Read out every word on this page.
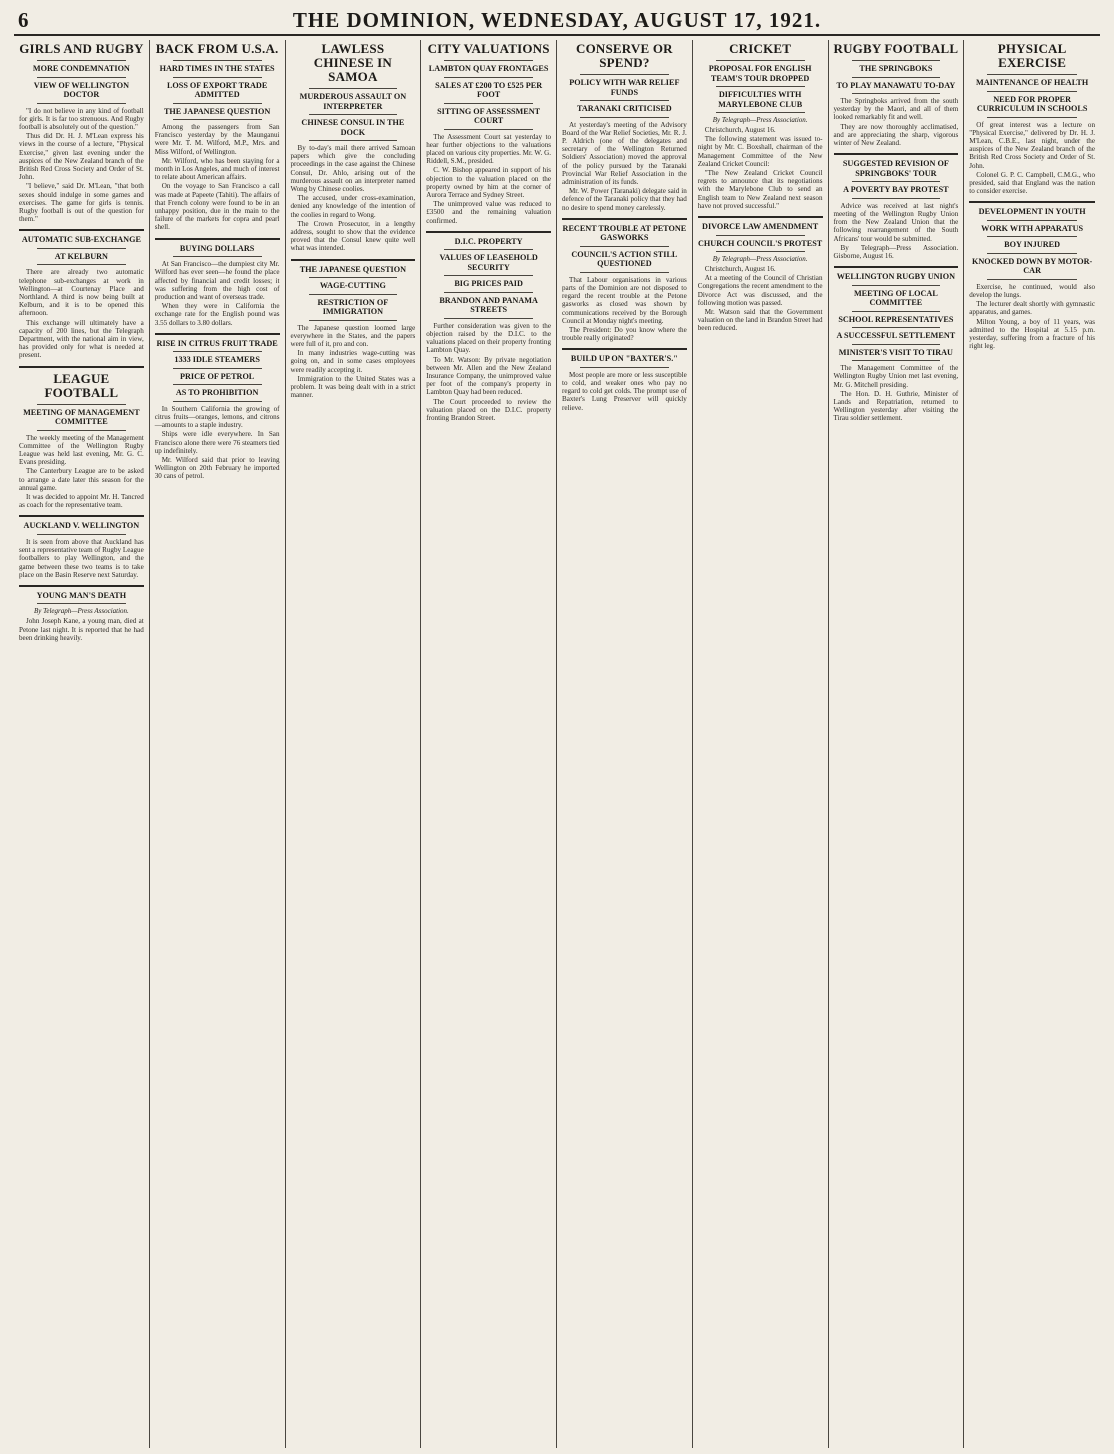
6	THE DOMINION, WEDNESDAY, AUGUST 17, 1921.
GIRLS AND RUGBY
MORE CONDEMNATION
VIEW OF WELLINGTON DOCTOR

"I do not believe in any kind of football for girls. It is far too strenuous. And Rugby football is absolutely out of the question."

Thus did Dr. H. J. M'Lean express his views in the course of a lecture, "Physical Exercise," given last evening under the auspices of the New Zealand branch of the British Red Cross Society and Order of St. John.

"I believe," said Dr. M'Lean, "that both sexes should indulge in some games and exercises. The game for girls is tennis. Rugby football is out of the question for them."

AUTOMATIC SUB-EXCHANGE
AT KELBURN

There are already two automatic telephone sub-exchanges at work in Wellington—at Courtenay Place and Northland. A third is now being built at Kelburn, and it is to be opened this afternoon.

This exchange will ultimately have a capacity of 200 lines, but the Telegraph Department, with the national aim in view, has provided only for what is needed at present.

LEAGUE FOOTBALL
MEETING OF MANAGEMENT COMMITTEE

The weekly meeting of the Management Committee of the Wellington Rugby League was held last evening, Mr. G. C. Evans presiding.

The Canterbury League are to be asked to arrange a date later this season for the annual game.

It was decided to appoint Mr. H. Tancred as coach for the representative team.

AUCKLAND V. WELLINGTON

It is seen from above that Auckland has sent a representative team of Rugby League footballers to play Wellington, and the game between these two teams is to take place on the Basin Reserve next Saturday.

YOUNG MAN'S DEATH
By Telegraph—Press Association.

John Joseph Kane, a young man, died at Petone last night. It is reported that he had been drinking heavily.

BACK FROM U.S.A.
HARD TIMES IN THE STATES
LOSS OF EXPORT TRADE ADMITTED
THE JAPANESE QUESTION

Among the passengers from San Francisco yesterday by the Maunganui were Mr. T. M. Wilford, M.P., Mrs. and Miss Wilford, of Wellington.

Mr. Wilford, who has been staying for a month in Los Angeles, and much of interest to relate about American affairs.

On the voyage to San Francisco a call was made at Papeete (Tahiti). The affairs of that French colony were found to be in an unhappy position, due in the main to the failure of the markets for copra and pearl shell.

BUYING DOLLARS

At San Francisco—the dumpiest city Mr. Wilford has ever seen—he found the place affected by financial and credit losses; it was suffering from the high cost of production and want of overseas trade.

When they were in California the exchange rate for the English pound was 3.55 dollars to 3.80 dollars.

RISE IN CITRUS FRUIT TRADE
1333 IDLE STEAMERS
PRICE OF PETROL
AS TO PROHIBITION

In Southern California the growing of citrus fruits—oranges, lemons, and citrons—amounts to a staple industry.

Ships were idle everywhere. In San Francisco alone there were 76 steamers tied up indefinitely.

Mr. Wilford said that prior to leaving Wellington on 20th February he imported 30 cans of petrol.

LAWLESS CHINESE IN SAMOA
MURDEROUS ASSAULT ON INTERPRETER
CHINESE CONSUL IN THE DOCK

By to-day's mail there arrived Samoan papers which give the concluding proceedings in the case against the Chinese Consul, Dr. Ahlo, arising out of the murderous assault on an interpreter named Wong by Chinese coolies.

The accused, under cross-examination, denied any knowledge of the intention of the coolies in regard to Wong.

The Crown Prosecutor, in a lengthy address, sought to show that the evidence proved that the Consul knew quite well what was intended.

THE JAPANESE QUESTION
WAGE-CUTTING
RESTRICTION OF IMMIGRATION

The Japanese question loomed large everywhere in the States, and the papers were full of it, pro and con.

In many industries wage-cutting was going on, and in some cases employees were readily accepting it.

Immigration to the United States was a problem. It was being dealt with in a strict manner.

CITY VALUATIONS
LAMBTON QUAY FRONTAGES
SALES AT £200 TO £525 PER FOOT
SITTING OF ASSESSMENT COURT

The Assessment Court sat yesterday to hear further objections to the valuations placed on various city properties. Mr. W. G. Riddell, S.M., presided.

C. W. Bishop appeared in support of his objection to the valuation placed on the property owned by him at the corner of Aurora Terrace and Sydney Street.

The unimproved value was reduced to £3500 and the remaining valuation confirmed.

D.I.C. PROPERTY
VALUES OF LEASEHOLD SECURITY
BIG PRICES PAID
BRANDON AND PANAMA STREETS

Further consideration was given to the objection raised by the D.I.C. to the valuations placed on their property fronting Lambton Quay.

To Mr. Watson: By private negotiation between Mr. Allen and the New Zealand Insurance Company, the unimproved value per foot of the company's property in Lambton Quay had been reduced.

The Court proceeded to review the valuation placed on the D.I.C. property fronting Brandon Street.

CONSERVE OR SPEND?
POLICY WITH WAR RELIEF FUNDS
TARANAKI CRITICISED

At yesterday's meeting of the Advisory Board of the War Relief Societies, Mr. R. J. P. Aldrich (one of the delegates and secretary of the Wellington Returned Soldiers' Association) moved the approval of the policy pursued by the Taranaki Provincial War Relief Association in the administration of its funds.

Mr. W. Power (Taranaki) delegate said in defence of the Taranaki policy that they had no desire to spend money carelessly.

RECENT TROUBLE AT PETONE GASWORKS
COUNCIL'S ACTION STILL QUESTIONED

That Labour organisations in various parts of the Dominion are not disposed to regard the recent trouble at the Petone gasworks as closed was shown by communications received by the Borough Council at Monday night's meeting.

The President: Do you know where the trouble really originated?

BUILD UP ON "BAXTER'S."

Most people are more or less susceptible to cold, and weaker ones who pay no regard to cold get colds. The prompt use of Baxter's Lung Preserver will quickly relieve.

CRICKET
PROPOSAL FOR ENGLISH TEAM'S TOUR DROPPED
DIFFICULTIES WITH MARYLEBONE CLUB
By Telegraph—Press Association.

Christchurch, August 16.

The following statement was issued to-night by Mr. C. Boxshall, chairman of the Management Committee of the New Zealand Cricket Council:

"The New Zealand Cricket Council regrets to announce that its negotiations with the Marylebone Club to send an English team to New Zealand next season have not proved successful."

DIVORCE LAW AMENDMENT
CHURCH COUNCIL'S PROTEST
By Telegraph—Press Association.

Christchurch, August 16.

At a meeting of the Council of Christian Congregations the recent amendment to the Divorce Act was discussed, and the following motion was passed.

Mr. Watson said that the Government valuation on the land in Brandon Street had been reduced.

RUGBY FOOTBALL
THE SPRINGBOKS
TO PLAY MANAWATU TO-DAY

The Springboks arrived from the south yesterday by the Maori, and all of them looked remarkably fit and well.

They are now thoroughly acclimatised, and are appreciating the sharp, vigorous winter of New Zealand.

SUGGESTED REVISION OF SPRINGBOKS' TOUR
A POVERTY BAY PROTEST

Advice was received at last night's meeting of the Wellington Rugby Union from the New Zealand Union that the following rearrangement of the South Africans' tour would be submitted.

By Telegraph—Press Association. Gisborne, August 16.

WELLINGTON RUGBY UNION
MEETING OF LOCAL COMMITTEE
SCHOOL REPRESENTATIVES
A SUCCESSFUL SETTLEMENT
MINISTER'S VISIT TO TIRAU

The Management Committee of the Wellington Rugby Union met last evening, Mr. G. Mitchell presiding.

The Hon. D. H. Guthrie, Minister of Lands and Repatriation, returned to Wellington yesterday after visiting the Tirau soldier settlement.

PHYSICAL EXERCISE
MAINTENANCE OF HEALTH
NEED FOR PROPER CURRICULUM IN SCHOOLS

Of great interest was a lecture on "Physical Exercise," delivered by Dr. H. J. M'Lean, C.B.E., last night, under the auspices of the New Zealand branch of the British Red Cross Society and Order of St. John.

Colonel G. P. C. Campbell, C.M.G., who presided, said that England was the nation to consider exercise.

DEVELOPMENT IN YOUTH
WORK WITH APPARATUS
BOY INJURED
KNOCKED DOWN BY MOTOR-CAR

Exercise, he continued, would also develop the lungs.

The lecturer dealt shortly with gymnastic apparatus, and games.

Milton Young, a boy of 11 years, was admitted to the Hospital at 5.15 p.m. yesterday, suffering from a fracture of his right leg.
